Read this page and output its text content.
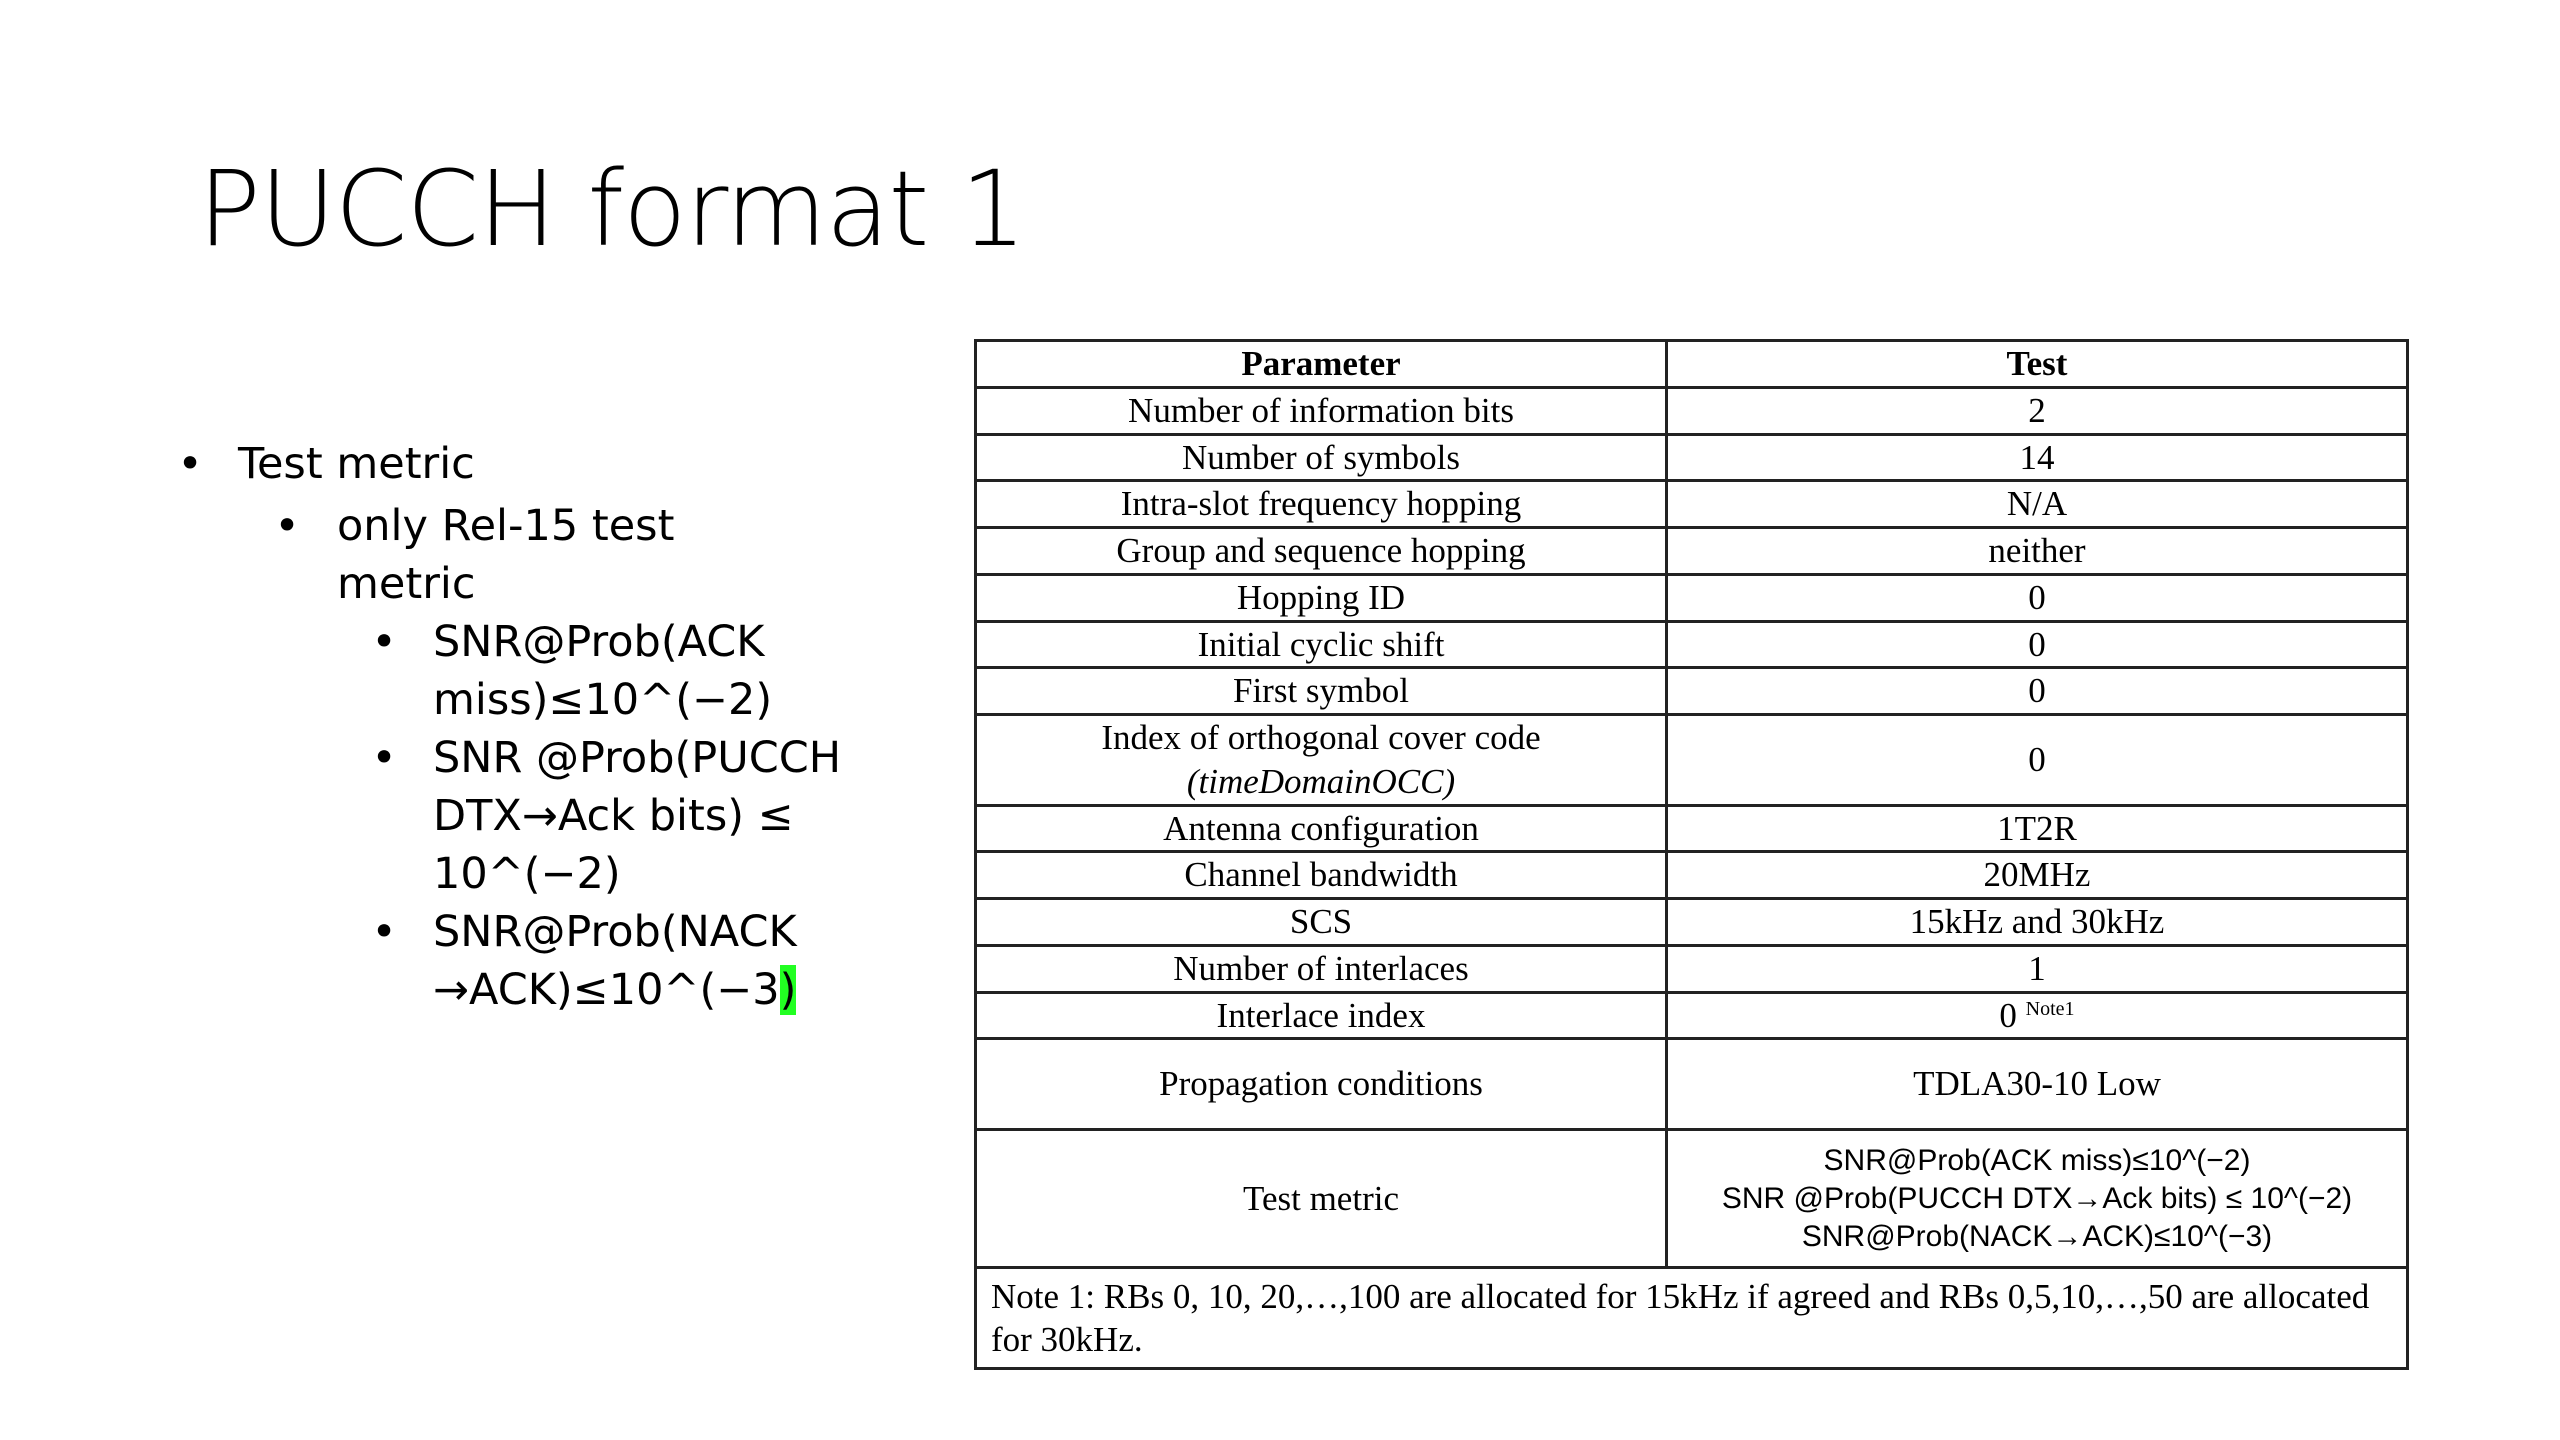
PUCCH format 1
• Test metric
• only Rel-15 test metric
• SNR@Prob(ACK miss)≤10^(−2)
• SNR @Prob(PUCCH DTX→Ack bits) ≤ 10^(−2)
• SNR@Prob(NACK →ACK)≤10^(−3)
Parameter	Test
Number of information bits	2
Number of symbols	14
Intra-slot frequency hopping	N/A
Group and sequence hopping	neither
Hopping ID	0
Initial cyclic shift	0
First symbol	0

Index of orthogonal cover code
(timeDomainOCC)	0
Antenna configuration	1T2R
Channel bandwidth	20MHz
SCS	15kHz and 30kHz
Number of interlaces	1
Interlace index	0 $^{Note1}$
Propagation conditions	TDLA30-10 Low
Test metric	SNR@Prob(ACK miss)≤10^(−2)
SNR @Prob(PUCCH DTX→Ack bits) ≤ 10^(−2)
SNR@Prob(NACK→ACK)≤10^(−3)

Note 1: RBs 0, 10, 20,…,100 are allocated for 15kHz if agreed and RBs 0,5,10,…,50 are allocated for 30kHz.	
